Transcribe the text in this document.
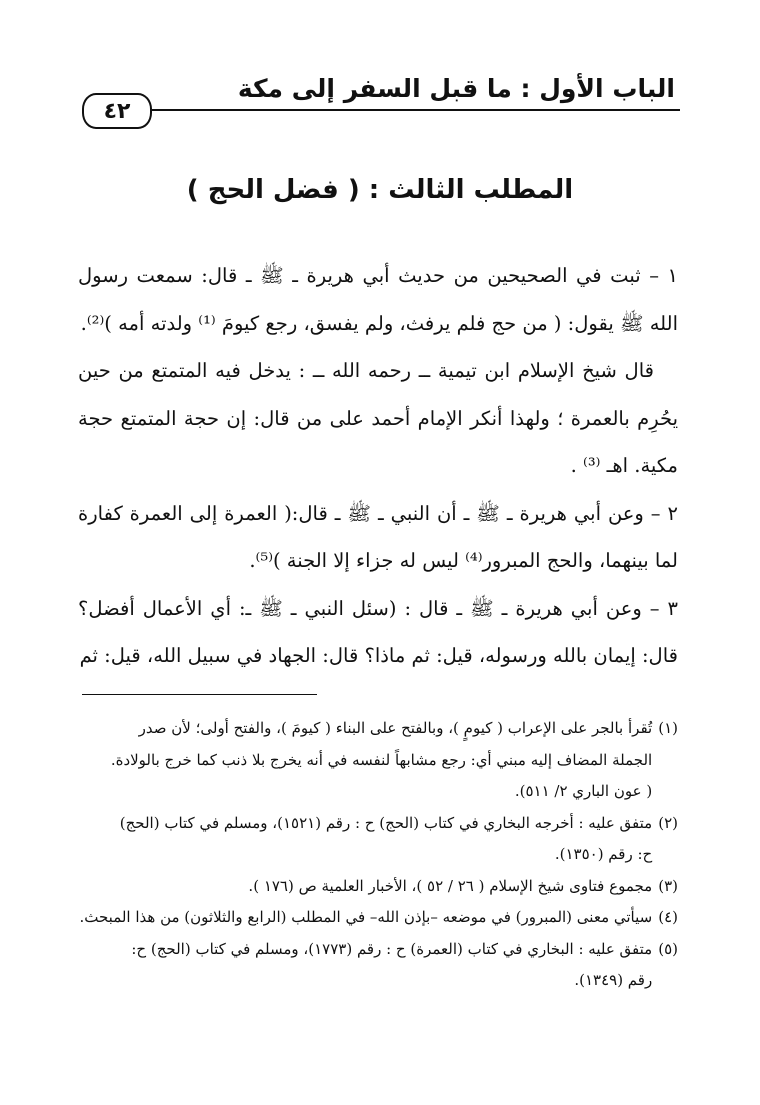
الباب الأول : ما قبل السفر إلى مكة
٤٢
المطلب الثالث : ( فضل الحج )

١ – ثبت في الصحيحين من حديث أبي هريرة ـ ﷺ ـ قال: سمعت رسول الله ﷺ يقول: ( من حج فلم يرفث، ولم يفسق، رجع كيومَ ⁽¹⁾ ولدته أمه )⁽²⁾.

قال شيخ الإسلام ابن تيمية ــ رحمه الله ــ : يدخل فيه المتمتع من حين يحُرِم بالعمرة ؛ ولهذا أنكر الإمام أحمد على من قال: إن حجة المتمتع حجة مكية. اهـ ⁽³⁾ .

٢ – وعن أبي هريرة ـ ﷺ ـ أن النبي ـ ﷺ ـ قال:( العمرة إلى العمرة كفارة لما بينهما، والحج المبرور⁽⁴⁾ ليس له جزاء إلا الجنة )⁽⁵⁾.

٣ – وعن أبي هريرة ـ ﷺ ـ قال : (سئل النبي ـ ﷺ ـ: أي الأعمال أفضل؟ قال: إيمان بالله ورسوله، قيل: ثم ماذا؟ قال: الجهاد في سبيل الله، قيل: ثم

(١)
تُقرأ بالجر على الإعراب ( كيومٍ )، وبالفتح على البناء ( كيومَ )، والفتح أولى؛ لأن صدر
الجملة المضاف إليه مبني أي: رجع مشابهاً لنفسه في أنه يخرج بلا ذنب كما خرج بالولادة.
( عون الباري ٢/ ٥١١).
(٢)
متفق عليه : أخرجه البخاري في كتاب (الحج) ح : رقم (١٥٢١)، ومسلم في كتاب (الحج)
ح: رقم (١٣٥٠).
(٣)
مجموع فتاوى شيخ الإسلام ( ٢٦ / ٥٢ )، الأخبار العلمية ص (١٧٦ ).
(٤)
سيأتي معنى (المبرور) في موضعه –بإذن الله– في المطلب (الرابع والثلاثون) من هذا المبحث.
(٥)
متفق عليه : البخاري في كتاب (العمرة) ح : رقم (١٧٧٣)، ومسلم في كتاب (الحج) ح:
رقم (١٣٤٩).
